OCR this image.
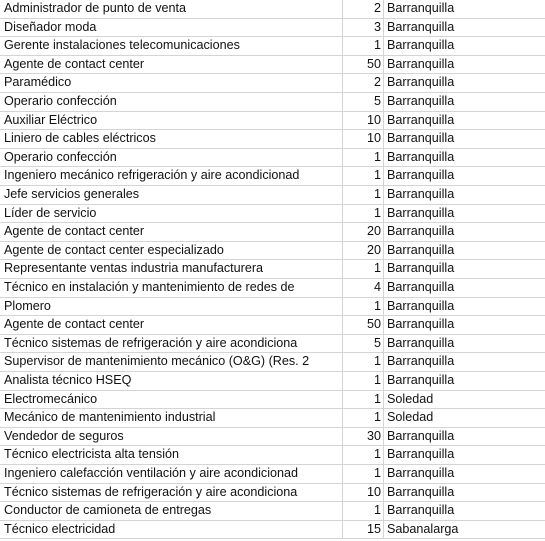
Administrador de punto de venta	2 Barranquilla
Diseñador moda	3 Barranquilla
Gerente instalaciones telecomunicaciones	1 Barranquilla
Agente de contact center	50 Barranquilla
Paramédico	2 Barranquilla
Operario confección	5 Barranquilla
Auxiliar Eléctrico	10 Barranquilla
Liniero de cables eléctricos	10 Barranquilla
Operario confección	1 Barranquilla
Ingeniero mecánico refrigeración y aire acondicionad	1 Barranquilla
Jefe servicios generales	1 Barranquilla
Líder de servicio	1 Barranquilla
Agente de contact center	20 Barranquilla
Agente de contact center especializado	20 Barranquilla
Representante ventas industria manufacturera	1 Barranquilla
Técnico en instalación y mantenimiento de redes de	4 Barranquilla
Plomero	1 Barranquilla
Agente de contact center	50 Barranquilla
Técnico sistemas de refrigeración y aire acondiciona	5 Barranquilla
Supervisor de mantenimiento mecánico (O&G) (Res. 2	1 Barranquilla
Analista técnico HSEQ	1 Barranquilla
Electromecánico	1 Soledad
Mecánico de mantenimiento industrial	1 Soledad
Vendedor de seguros	30 Barranquilla
Técnico electricista alta tensión	1 Barranquilla
Ingeniero calefacción ventilación y aire acondicionad	1 Barranquilla
Técnico sistemas de refrigeración y aire acondiciona	10 Barranquilla
Conductor de camioneta de entregas	1 Barranquilla
Técnico electricidad	15 Sabanalarga
